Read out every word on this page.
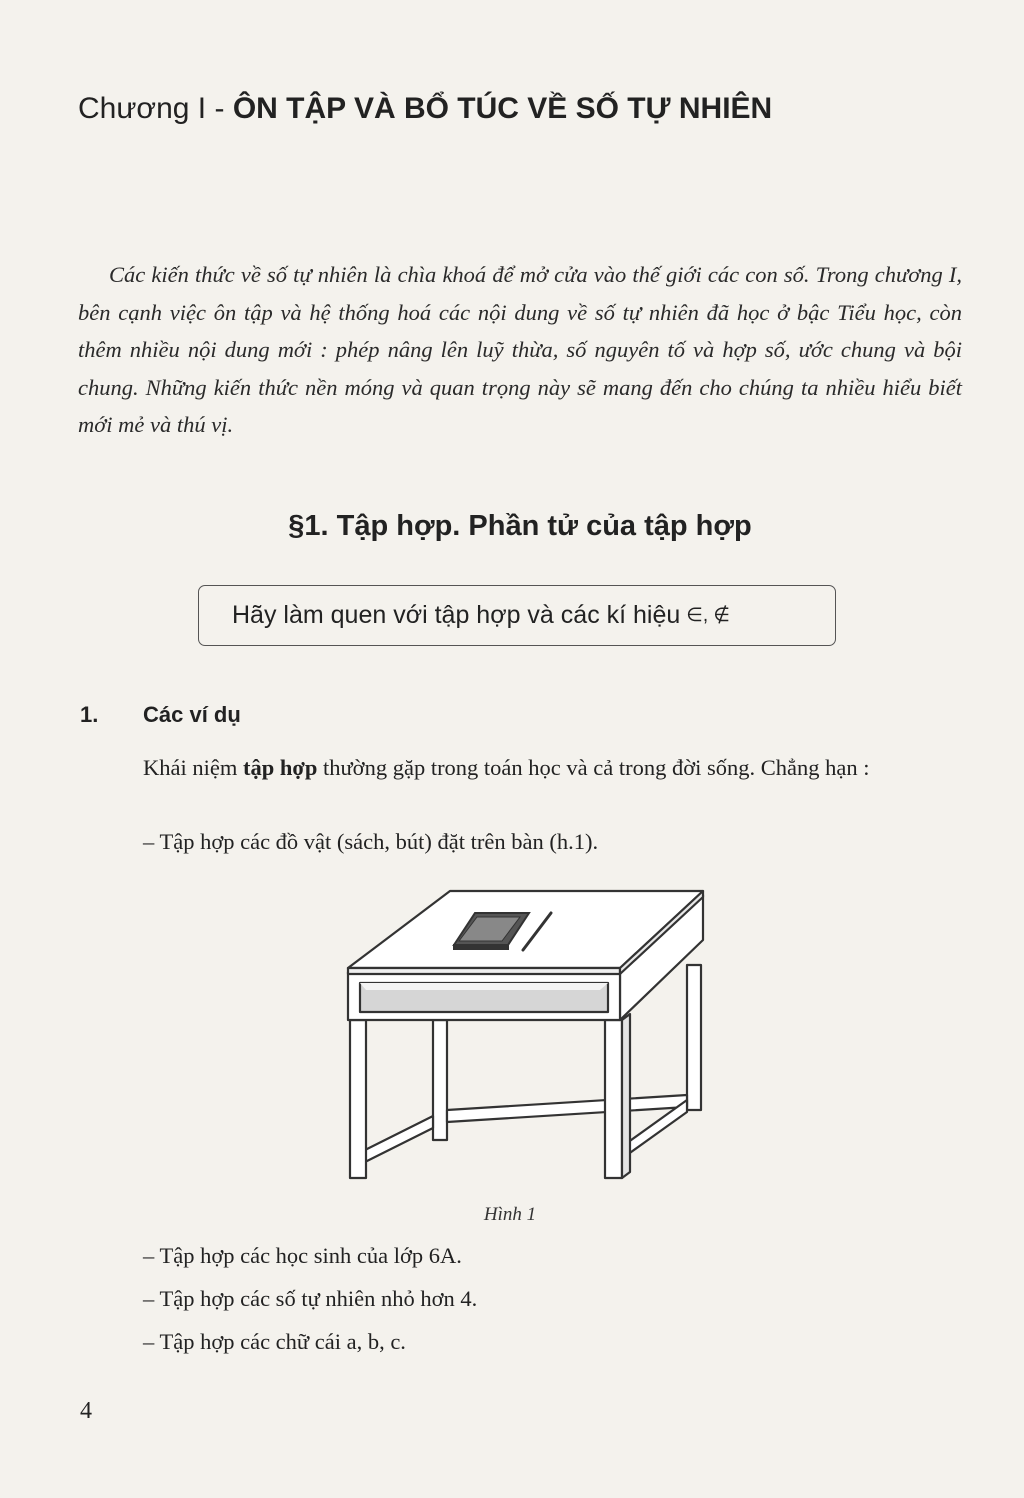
Chương I - ÔN TẬP VÀ BỔ TÚC VỀ SỐ TỰ NHIÊN

Các kiến thức về số tự nhiên là chìa khoá để mở cửa vào thế giới các con số. Trong chương I, bên cạnh việc ôn tập và hệ thống hoá các nội dung về số tự nhiên đã học ở bậc Tiểu học, còn thêm nhiều nội dung mới : phép nâng lên luỹ thừa, số nguyên tố và hợp số, ước chung và bội chung. Những kiến thức nền móng và quan trọng này sẽ mang đến cho chúng ta nhiều hiểu biết mới mẻ và thú vị.

§1. Tập hợp. Phần tử của tập hợp
Hãy làm quen với tập hợp và các kí hiệu ∈, ∉
1. Các ví dụ

Khái niệm tập hợp thường gặp trong toán học và cả trong đời sống. Chẳng hạn :

– Tập hợp các đồ vật (sách, bút) đặt trên bàn (h.1).

Hình 1

– Tập hợp các học sinh của lớp 6A.

– Tập hợp các số tự nhiên nhỏ hơn 4.

– Tập hợp các chữ cái a, b, c.

4
